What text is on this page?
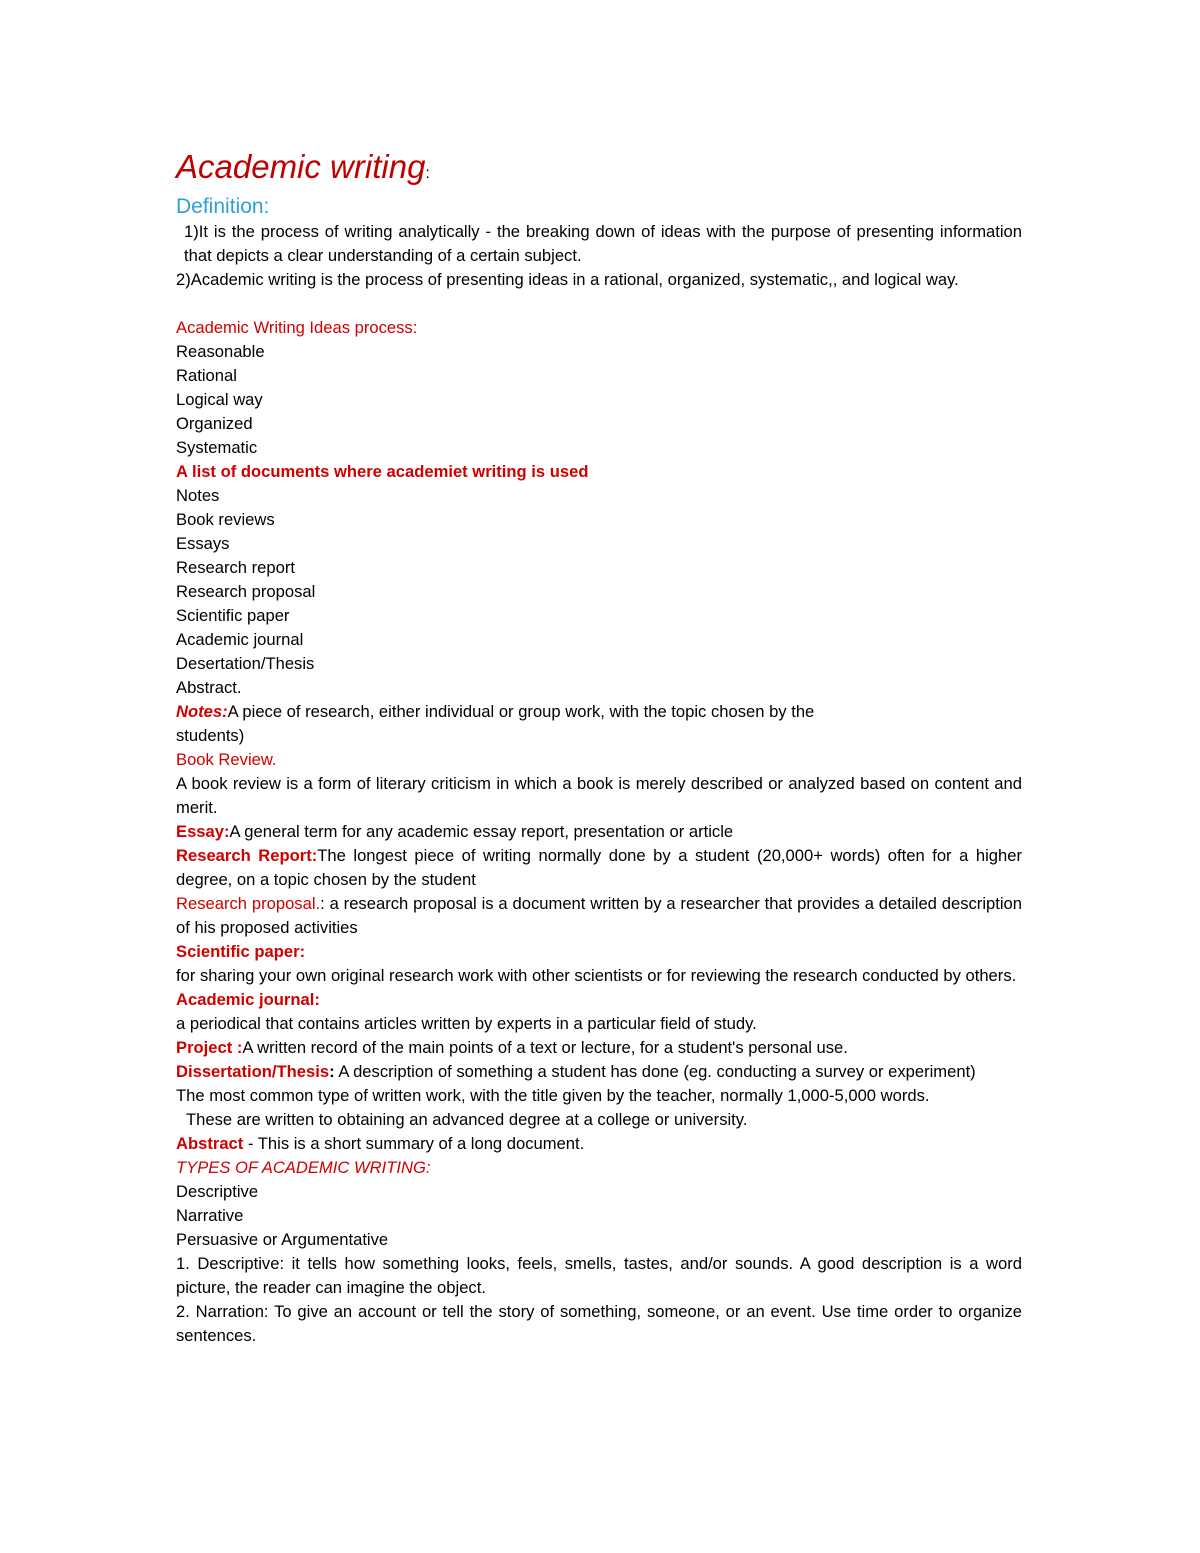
Academic writing:
Definition:
1)It is the process of writing analytically - the breaking down of ideas with the purpose of presenting information that depicts a clear understanding of a certain subject.
2)Academic writing is the process of presenting ideas in a rational, organized, systematic,, and logical way.
Academic Writing Ideas process:
Reasonable
Rational
Logical way
Organized
Systematic
A list of documents where academiet writing is used
Notes
Book reviews
Essays
Research report
Research proposal
Scientific paper
Academic journal
Desertation/Thesis
Abstract.
Notes:A piece of research, either individual or group work, with the topic chosen by the
students)
Book Review.
A book review is a form of literary criticism in which a book is merely described or analyzed based on content and merit.
Essay:A general term for any academic essay report, presentation or article
Research Report:The longest piece of writing normally done by a student (20,000+ words) often for a higher degree, on a topic chosen by the student
Research proposal.: a research proposal is a document written by a researcher that provides a detailed description of his proposed activities
Scientific paper:
for sharing your own original research work with other scientists or for reviewing the research conducted by others.
Academic journal:
a periodical that contains articles written by experts in a particular field of study.
Project :A written record of the main points of a text or lecture, for a student's personal use.
Dissertation/Thesis: A description of something a student has done (eg. conducting a survey or experiment)
The most common type of written work, with the title given by the teacher, normally 1,000-5,000 words.
These are written to obtaining an advanced degree at a college or university.
Abstract - This is a short summary of a long document.
TYPES OF ACADEMIC WRITING:
Descriptive
Narrative
Persuasive or Argumentative
1. Descriptive: it tells how something looks, feels, smells, tastes, and/or sounds. A good description is a word picture, the reader can imagine the object.
2. Narration: To give an account or tell the story of something, someone, or an event. Use time order to organize sentences.
